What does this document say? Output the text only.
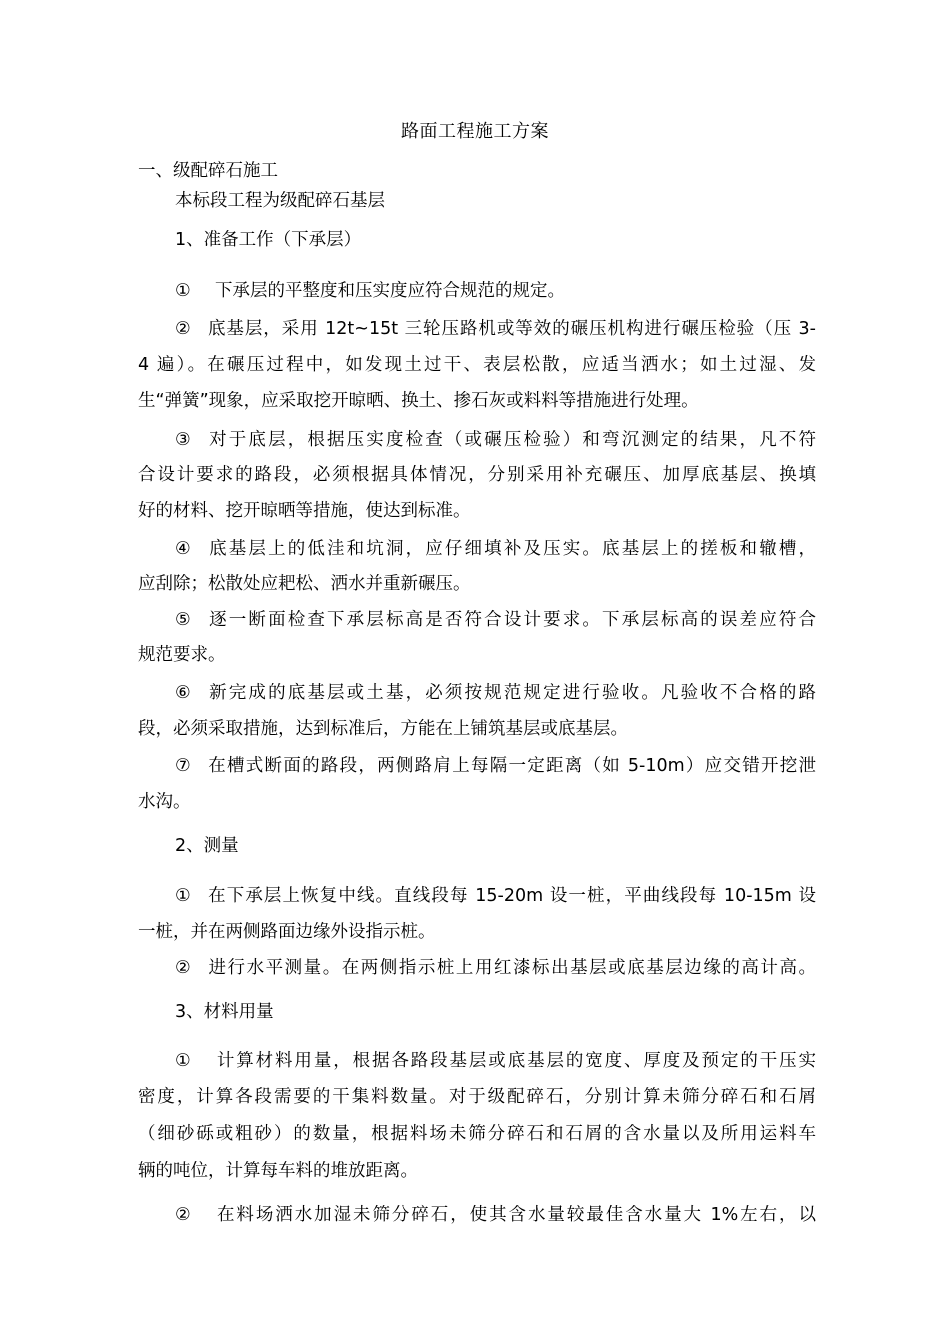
路面工程施工方案
一、级配碎石施工
本标段工程为级配碎石基层
1、准备工作（下承层）
① 下承层的平整度和压实度应符合规范的规定。
② 底基层，采用 12t~15t 三轮压路机或等效的碾压机构进行碾压检验（压 3-
4 遍）。在碾压过程中，如发现土过干、表层松散，应适当洒水；如土过湿、发
生“弹簧”现象，应采取挖开晾晒、换土、掺石灰或料料等措施进行处理。
③ 对于底层，根据压实度检查（或碾压检验）和弯沉测定的结果，凡不符
合设计要求的路段，必须根据具体情况，分别采用补充碾压、加厚底基层、换填
好的材料、挖开晾晒等措施，使达到标准。
④ 底基层上的低洼和坑洞，应仔细填补及压实。底基层上的搓板和辙槽，
应刮除；松散处应耙松、洒水并重新碾压。
⑤ 逐一断面检查下承层标高是否符合设计要求。下承层标高的误差应符合
规范要求。
⑥ 新完成的底基层或土基，必须按规范规定进行验收。凡验收不合格的路
段，必须采取措施，达到标准后，方能在上铺筑基层或底基层。
⑦ 在槽式断面的路段，两侧路肩上每隔一定距离（如 5-10m）应交错开挖泄
水沟。
2、测量
① 在下承层上恢复中线。直线段每 15-20m 设一桩，平曲线段每 10-15m 设
一桩，并在两侧路面边缘外设指示桩。
② 进行水平测量。在两侧指示桩上用红漆标出基层或底基层边缘的高计高。
3、材料用量
① 计算材料用量，根据各路段基层或底基层的宽度、厚度及预定的干压实
密度，计算各段需要的干集料数量。对于级配碎石，分别计算未筛分碎石和石屑
（细砂砾或粗砂）的数量，根据料场未筛分碎石和石屑的含水量以及所用运料车
辆的吨位，计算每车料的堆放距离。
② 在料场洒水加湿未筛分碎石，使其含水量较最佳含水量大 1%左右，以
